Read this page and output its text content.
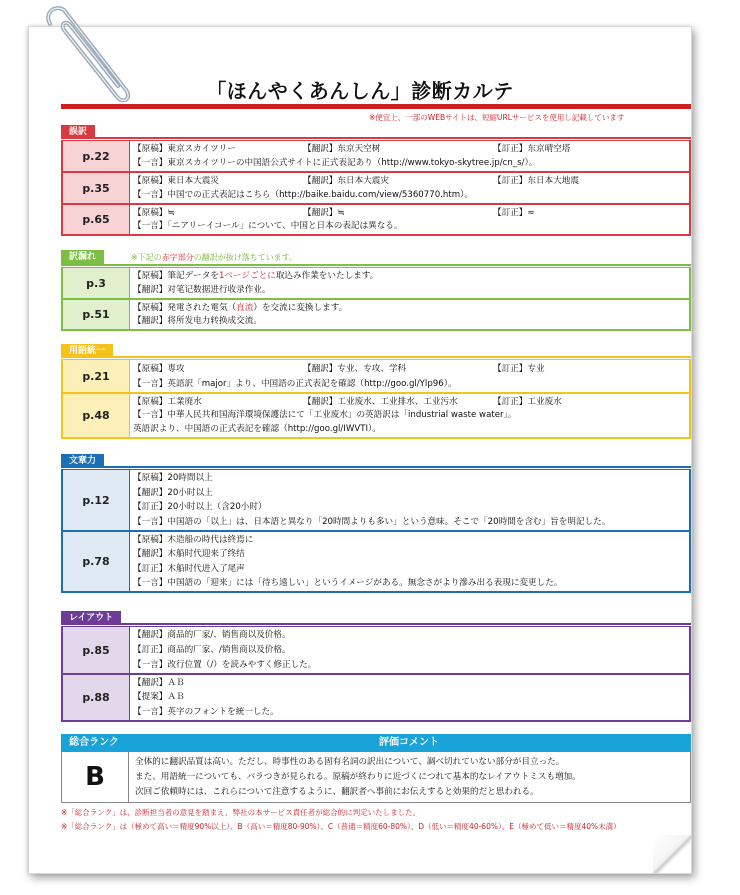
「ほんやくあんしん」診断カルテ
※便宜上、一部のWEBサイトは、短縮URLサービスを使用し記載しています
誤訳
p.22
【原稿】東京スカイツリー	【翻訳】东京天空树	【訂正】东京晴空塔
【一言】東京スカイツリーの中国語公式サイトに正式表記あり（http://www.tokyo-skytree.jp/cn_s/）。
p.35
【原稿】東日本大震災	【翻訳】东日本大震灾	【訂正】东日本大地震
【一言】中国での正式表記はこちら（http://baike.baidu.com/view/5360770.htm）。
p.65
【原稿】≒	【翻訳】≒	【訂正】≈
【一言】「ニアリーイコール」について、中国と日本の表記は異なる。
訳漏れ	※下記の赤字部分の翻訳が抜け落ちています。
p.3
【原稿】筆記データを1ページごとに取込み作業をいたします。
【翻訳】对笔记数据进行收录作业。
p.51
【原稿】発電された電気（直流）を交流に変換します。
【翻訳】将所发电力转换成交流。
用語統一
p.21
【原稿】専攻	【翻訳】专业、专攻、学科	【訂正】专业
【一言】英語訳「major」より、中国語の正式表記を確認（http://goo.gl/Ylp96）。
p.48
【原稿】工業廃水	【翻訳】工业废水、工业排水、工业污水	【訂正】工业废水
【一言】中華人民共和国海洋環境保護法にて「工业废水」の英語訳は「industrial waste water」。
英語訳より、中国語の正式表記を確認（http://goo.gl/IWVTI）。
文章力
p.12
【原稿】20時間以上
【翻訳】20小时以上
【訂正】20小时以上（含20小时）
【一言】中国語の「以上」は、日本語と異なり「20時間よりも多い」という意味。そこで「20時間を含む」旨を明記した。
p.78
【原稿】木造船の時代は終焉に
【翻訳】木船时代迎来了终结
【訂正】木船时代进入了尾声
【一言】中国語の「迎来」には「待ち遠しい」というイメージがある。無念さがより滲み出る表現に変更した。
レイアウト
p.85
【翻訳】商品的厂家/、销售商以及价格。
【訂正】商品的厂家、/销售商以及价格。
【一言】改行位置（/）を読みやすく修正した。
p.88
【翻訳】ＡＢ
【提案】ＡＢ
【一言】英字のフォントを統一した。
総合ランク	評価コメント
B	全体的に翻訳品質は高い。ただし、時事性のある固有名詞の訳出について、調べ切れていない部分が目立った。
また、用語統一についても、バラつきが見られる。原稿が終わりに近づくにつれて基本的なレイアウトミスも増加。
次回ご依頼時には、これらについて注意するように、翻訳者へ事前にお伝えすると効果的だと思われる。
※「総合ランク」は、診断担当者の意見を踏まえ、弊社の本サービス責任者が総合的に判定いたしました。
※「総合ランク」は（極めて高い＝精度90%以上）、B（高い＝精度80-90%）、C（普通＝精度60-80%）、D（低い＝精度40-60%）、E（極めて低い＝精度40%未満）
